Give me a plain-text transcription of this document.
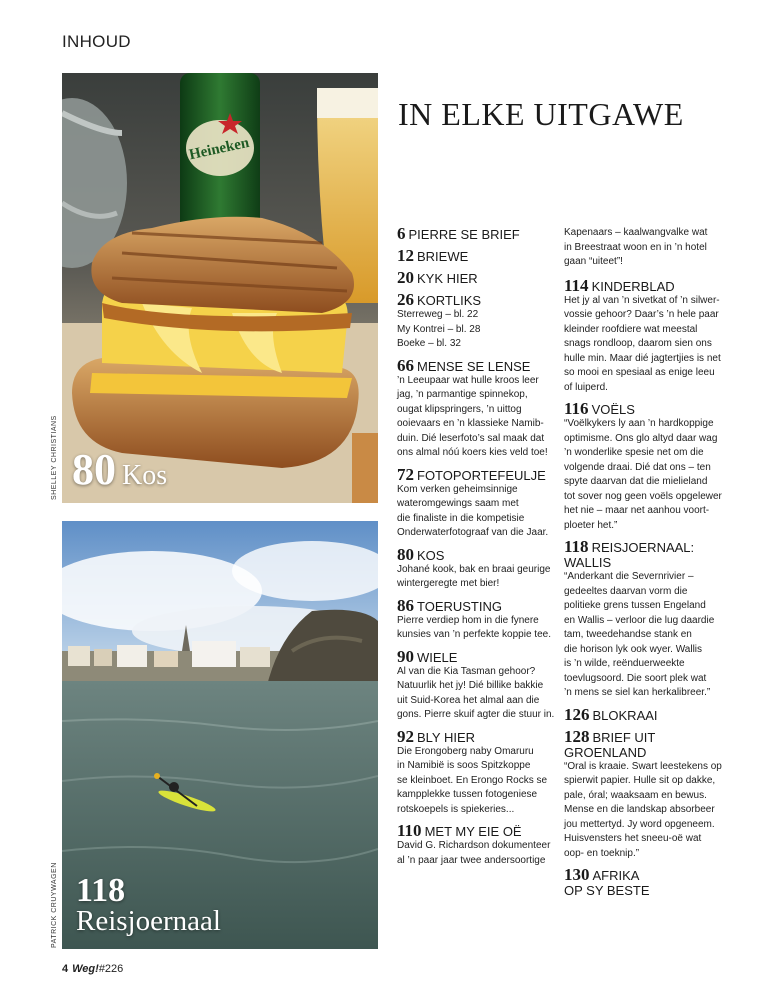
INHOUD
Heineken
80 Kos
SHELLEY CHRISTIANS
118
Reisjoernaal
PATRICK CRUYWAGEN
IN ELKE UITGAWE
6 PIERRE SE BRIEF
12 BRIEWE
20 KYK HIER
26 KORTLIKS
Sterreweg – bl. 22
My Kontrei – bl. 28
Boeke – bl. 32
66 MENSE SE LENSE
’n Leeupaar wat hulle kroos leer
jag, ’n parmantige spinnekop,
ougat klipspringers, ’n uittog
ooievaars en ’n klassieke Namib-
duin. Dié leserfoto’s sal maak dat
ons almal nóú koers kies veld toe!
72 FOTOPORTEFEULJE
Kom verken geheimsinnige
wateromgewings saam met
die finaliste in die kompetisie
Onderwaterfotograaf van die Jaar.
80 KOS
Johané kook, bak en braai geurige
wintergeregte met bier!
86 TOERUSTING
Pierre verdiep hom in die fynere
kunsies van ’n perfekte koppie tee.
90 WIELE
Al van die Kia Tasman gehoor?
Natuurlik het jy! Dié billike bakkie
uit Suid-Korea het almal aan die
gons. Pierre skuif agter die stuur in.
92 BLY HIER
Die Erongoberg naby Omaruru
in Namibië is soos Spitzkoppe
se kleinboet. En Erongo Rocks se
kampplekke tussen fotogeniese
rotskoepels is spiekeries...
110 MET MY EIE OË
David G. Richardson dokumenteer
al ’n paar jaar twee andersoortige
Kapenaars – kaalwangvalke wat
in Breestraat woon en in ’n hotel
gaan “uiteet”!
114 KINDERBLAD
Het jy al van ’n sivetkat of ’n silwer-
vossie gehoor? Daar’s ’n hele paar
kleinder roofdiere wat meestal
snags rondloop, daarom sien ons
hulle min. Maar dié jagtertjies is net
so mooi en spesiaal as enige leeu
of luiperd.
116 VOËLS
“Voëlkykers ly aan ’n hardkoppige
optimisme. Ons glo altyd daar wag
’n wonderlike spesie net om die
volgende draai. Dié dat ons – ten
spyte daarvan dat die mielieland
tot sover nog geen voëls opgelewer
het nie – maar net aanhou voort-
ploeter het.”
118 REISJOERNAAL:
WALLIS
“Anderkant die Severnrivier –
gedeeltes daarvan vorm die
politieke grens tussen Engeland
en Wallis – verloor die lug daardie
tam, tweedehandse stank en
die horison lyk ook wyer. Wallis
is ’n wilde, reënduerweekte
toevlugsoord. Die soort plek wat
’n mens se siel kan herkalibreer.”
126 BLOKRAAI
128 BRIEF UIT
GROENLAND
“Oral is kraaie. Swart leestekens op
spierwit papier. Hulle sit op dakke,
pale, óral; waaksaam en bewus.
Mense en die landskap absorbeer
jou mettertyd. Jy word opgeneem.
Huisvensters het sneeu-oë wat
oop- en toeknip.”
130 AFRIKA
OP SY BESTE
4 Weg!#226
